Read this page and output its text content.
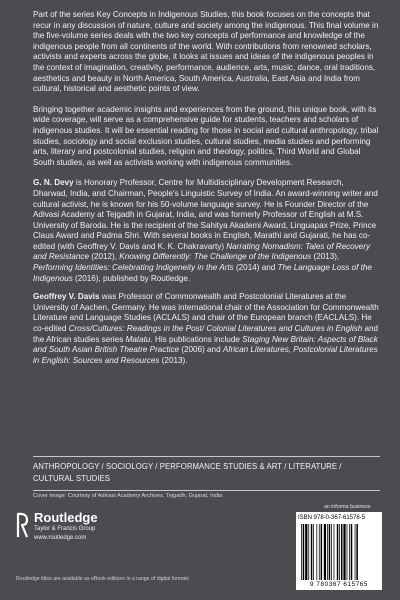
Part of the series Key Concepts in Indigenous Studies, this book focuses on the concepts that recur in any discussion of nature, culture and society among the indigenous. This final volume in the five-volume series deals with the two key concepts of performance and knowledge of the indigenous people from all continents of the world. With contributions from renowned scholars, activists and experts across the globe, it looks at issues and ideas of the indigenous peoples in the context of imagination, creativity, performance, audience, arts, music, dance, oral traditions, aesthetics and beauty in North America, South America, Australia, East Asia and India from cultural, historical and aesthetic points of view.

Bringing together academic insights and experiences from the ground, this unique book, with its wide coverage, will serve as a comprehensive guide for students, teachers and scholars of indigenous studies. It will be essential reading for those in social and cultural anthropology, tribal studies, sociology and social exclusion studies, cultural studies, media studies and performing arts, literary and postcolonial studies, religion and theology, politics, Third World and Global South studies, as well as activists working with indigenous communities.

G. N. Devy is Honorary Professor, Centre for Multidisciplinary Development Research, Dharwad, India, and Chairman, People's Linguistic Survey of India. An award-winning writer and cultural activist, he is known for his 50-volume language survey. He is Founder Director of the Adivasi Academy at Tejgadh in Gujarat, India, and was formerly Professor of English at M.S. University of Baroda. He is the recipient of the Sahitya Akademi Award, Linguapax Prize, Prince Claus Award and Padma Shri. With several books in English, Marathi and Gujarati, he has co-edited (with Geoffrey V. Davis and K. K. Chakravarty) Narrating Nomadism: Tales of Recovery and Resistance (2012), Knowing Differently: The Challenge of the Indigenous (2013), Performing Identities: Celebrating Indigeneity in the Arts (2014) and The Language Loss of the Indigenous (2016), published by Routledge.

Geoffrey V. Davis was Professor of Commonwealth and Postcolonial Literatures at the University of Aachen, Germany. He was international chair of the Association for Commonwealth Literature and Language Studies (ACLALS) and chair of the European branch (EACLALS). He co-edited Cross/Cultures: Readings in the Post/ Colonial Literatures and Cultures in English and the African studies series Matatu. His publications include Staging New Britain: Aspects of Black and South Asian British Theatre Practice (2006) and African Literatures, Postcolonial Literatures in English: Sources and Resources (2013).

ANTHROPOLOGY / SOCIOLOGY / PERFORMANCE STUDIES & ART / LITERATURE / CULTURAL STUDIES
Cover image: Courtesy of Adivasi Academy Archives, Tejgadh, Gujarat, India
Routledge
Taylor & Francis Group
www.routledge.com
Routledge titles are available as eBook editions in a range of digital formats
an informa business
ISBN 978-0-367-61576-5
9 780367 615765
